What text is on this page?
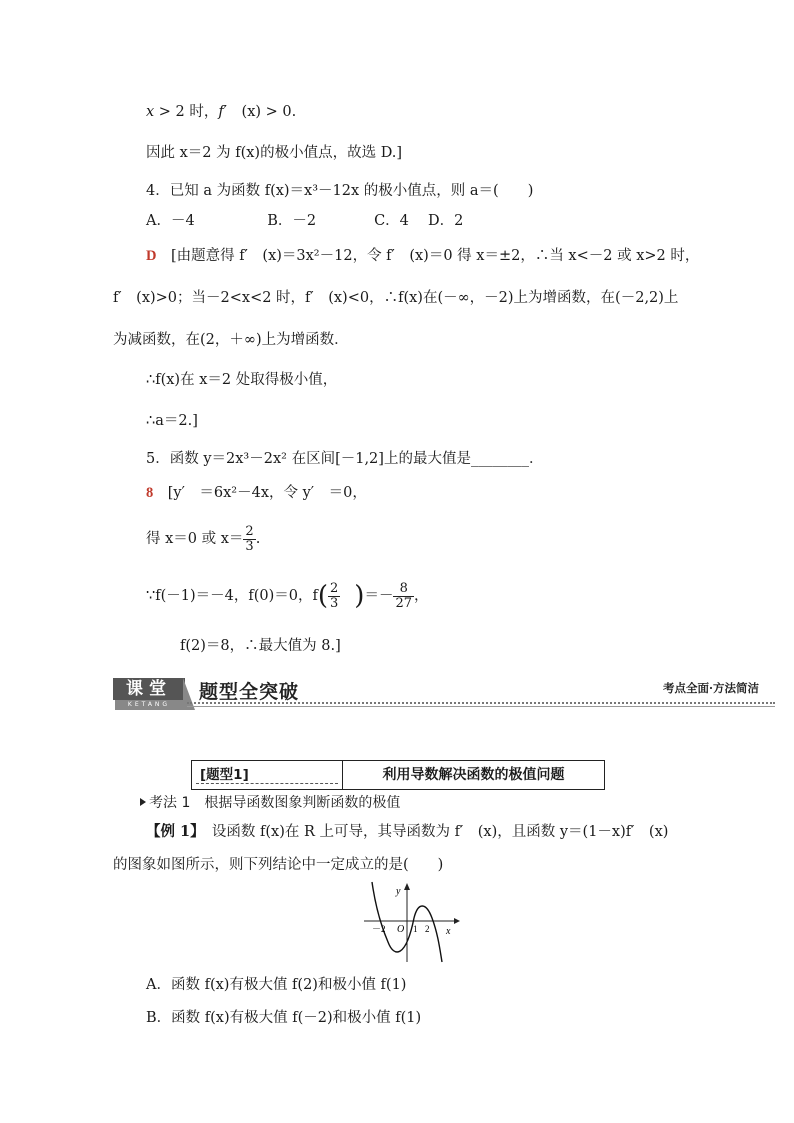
x > 2 时，f′　(x) > 0.
因此 x＝2 为 f(x)的极小值点，故选 D.]
4．已知 a 为函数 f(x)＝x³－12x 的极小值点，则 a＝(　　)
A．－4　　　　　B．－2　　　　C．4　 D．2
D　 [由题意得 f′　(x)＝3x²－12，令 f′　(x)＝0 得 x＝±2，∴当 x<－2 或 x>2 时，
f′　(x)>0；当－2<x<2 时，f′　(x)<0，∴f(x)在(－∞，－2)上为增函数，在(－2,2)上
为减函数，在(2，＋∞)上为增函数．
∴f(x)在 x＝2 处取得极小值，
∴a＝2.]
5．函数 y＝2x³－2x² 在区间[－1,2]上的最大值是________．
8　 [y′　＝6x²－4x，令 y′　＝0，
得 x＝0 或 $x= \frac{2}{3}$ .
∵f(－1)＝－4，f(0)＝0，$f( \frac{2}{3}$ )＝－ $\frac{8}{27}$ ，
f(2)＝8，∴最大值为 8.]
课堂
KETANG
题型全突破	考点全面·方法简洁
[题型1]	利用导数解决函数的极值问题
考法 1　根据导函数图象判断函数的极值
【例 1】　设函数 f(x)在 R 上可导，其导函数为 f′　(x)，且函数 y＝(1－x)f′　(x)
的图象如图所示，则下列结论中一定成立的是(　　)
y
x
－2 O 1 2
A．函数 f(x)有极大值 f(2)和极小值 f(1)
B．函数 f(x)有极大值 f(－2)和极小值 f(1)
